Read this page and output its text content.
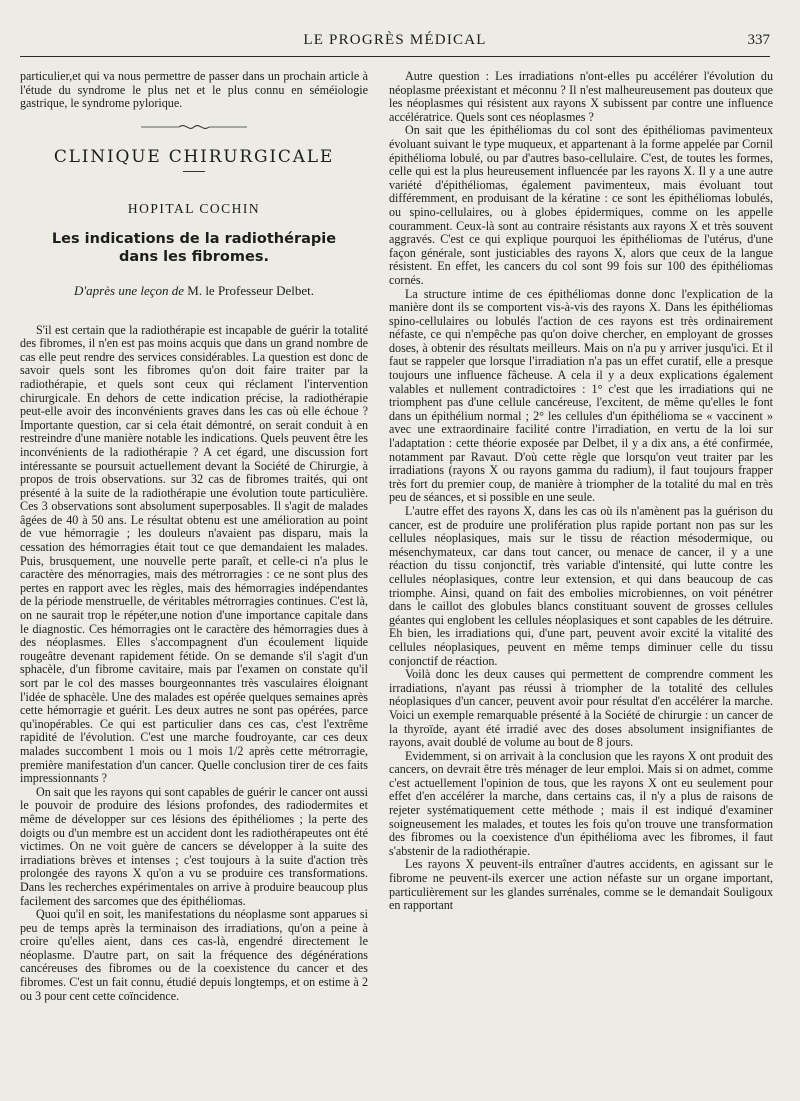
LE PROGRÈS MÉDICAL	337

particulier,et qui va nous permettre de passer dans un prochain article à l'étude du syndrome le plus net et le plus connu en séméiologie gastrique, le syndrome pylorique.

CLINIQUE CHIRURGICALE
HOPITAL COCHIN
Les indications de la radiothérapie
dans les fibromes.
D'après une leçon de M. le Professeur Delbet.

S'il est certain que la radiothérapie est incapable de guérir la totalité des fibromes, il n'en est pas moins acquis que dans un grand nombre de cas elle peut rendre des services considérables. La question est donc de savoir quels sont les fibromes qu'on doit faire traiter par la radiothérapie, et quels sont ceux qui réclament l'intervention chirurgicale. En dehors de cette indication précise, la radiothérapie peut-elle avoir des inconvénients graves dans les cas où elle échoue ? Importante question, car si cela était démontré, on serait conduit à en restreindre d'une manière notable les indications. Quels peuvent être les inconvénients de la radiothérapie ? A cet égard, une discussion fort intéressante se poursuit actuellement devant la Société de Chirurgie, à propos de trois observations. sur 32 cas de fibromes traités, qui ont présenté à la suite de la radiothérapie une évolution toute particulière. Ces 3 observations sont absolument superposables. Il s'agit de malades âgées de 40 à 50 ans. Le résultat obtenu est une amélioration au point de vue hémorragie ; les douleurs n'avaient pas disparu, mais la cessation des hémorragies était tout ce que demandaient les malades. Puis, brusquement, une nouvelle perte paraît, et celle-ci n'a plus le caractère des ménorragies, mais des métrorragies : ce ne sont plus des pertes en rapport avec les règles, mais des hémorragies indépendantes de la période menstruelle, de véritables métrorragies continues. C'est là, on ne saurait trop le répéter,une notion d'une importance capitale dans le diagnostic. Ces hémorragies ont le caractère des hémorragies dues à des néoplasmes. Elles s'accompagnent d'un écoulement liquide rougeâtre devenant rapidement fétide. On se demande s'il s'agit d'un sphacèle, d'un fibrome cavitaire, mais par l'examen on constate qu'il sort par le col des masses bourgeonnantes très vasculaires éloignant l'idée de sphacèle. Une des malades est opérée quelques semaines après cette hémorragie et guérit. Les deux autres ne sont pas opérées, parce qu'inopérables. Ce qui est particulier dans ces cas, c'est l'extrême rapidité de l'évolution. C'est une marche foudroyante, car ces deux malades succombent 1 mois ou 1 mois 1/2 après cette métrorragie, première manifestation d'un cancer. Quelle conclusion tirer de ces faits impressionnants ?

On sait que les rayons qui sont capables de guérir le cancer ont aussi le pouvoir de produire des lésions profondes, des radiodermites et même de développer sur ces lésions des épithéliomes ; la perte des doigts ou d'un membre est un accident dont les radiothérapeutes ont été victimes. On ne voit guère de cancers se développer à la suite des irradiations brèves et intenses ; c'est toujours à la suite d'action très prolongée des rayons X qu'on a vu se produire ces transformations. Dans les recherches expérimentales on arrive à produire beaucoup plus facilement des sarcomes que des épithéliomas.

Quoi qu'il en soit, les manifestations du néoplasme sont apparues si peu de temps après la terminaison des irradiations, qu'on a peine à croire qu'elles aient, dans ces cas-là, engendré directement le néoplasme. D'autre part, on sait la fréquence des dégénérations cancéreuses des fibromes ou de la coexistence du cancer et des fibromes. C'est un fait connu, étudié depuis longtemps, et on estime à 2 ou 3 pour cent cette coïncidence.

Autre question : Les irradiations n'ont-elles pu accélérer l'évolution du néoplasme préexistant et méconnu ? Il n'est malheureusement pas douteux que les néoplasmes qui résistent aux rayons X subissent par contre une influence accélératrice. Quels sont ces néoplasmes ?

On sait que les épithéliomas du col sont des épithéliomas pavimenteux évoluant suivant le type muqueux, et appartenant à la forme appelée par Cornil épithélioma lobulé, ou par d'autres baso-cellulaire. C'est, de toutes les formes, celle qui est la plus heureusement influencée par les rayons X. Il y a une autre variété d'épithéliomas, également pavimenteux, mais évoluant tout différemment, en produisant de la kératine : ce sont les épithéliomas lobulés, ou spino-cellulaires, ou à globes épidermiques, comme on les appelle couramment. Ceux-là sont au contraire résistants aux rayons X et très souvent aggravés. C'est ce qui explique pourquoi les épithéliomas de l'utérus, d'une façon générale, sont justiciables des rayons X, alors que ceux de la langue résistent. En effet, les cancers du col sont 99 fois sur 100 des épithéliomas cornés.

La structure intime de ces épithéliomas donne donc l'explication de la manière dont ils se comportent vis-à-vis des rayons X. Dans les épithéliomas spino-cellulaires ou lobulés l'action de ces rayons est très ordinairement néfaste, ce qui n'empêche pas qu'on doive chercher, en employant de grosses doses, à obtenir des résultats meilleurs. Mais on n'a pu y arriver jusqu'ici. Et il faut se rappeler que lorsque l'irradiation n'a pas un effet curatif, elle a presque toujours une influence fâcheuse. A cela il y a deux explications également valables et nullement contradictoires : 1° c'est que les irradiations qui ne triomphent pas d'une cellule cancéreuse, l'excitent, de même qu'elles le font dans un épithélium normal ; 2° les cellules d'un épithélioma se « vaccinent » avec une extraordinaire facilité contre l'irradiation, en vertu de la loi sur l'adaptation : cette théorie exposée par Delbet, il y a dix ans, a été confirmée, notamment par Ravaut. D'où cette règle que lorsqu'on veut traiter par les irradiations (rayons X ou rayons gamma du radium), il faut toujours frapper très fort du premier coup, de manière à triompher de la totalité du mal en très peu de séances, et si possible en une seule.

L'autre effet des rayons X, dans les cas où ils n'amènent pas la guérison du cancer, est de produire une prolifération plus rapide portant non pas sur les cellules néoplasiques, mais sur le tissu de réaction mésodermique, ou mésenchymateux, car dans tout cancer, ou menace de cancer, il y a une réaction du tissu conjonctif, très variable d'intensité, qui lutte contre les cellules néoplasiques, contre leur extension, et qui dans beaucoup de cas triomphe. Ainsi, quand on fait des embolies microbiennes, on voit pénétrer dans le caillot des globules blancs constituant souvent de grosses cellules géantes qui englobent les cellules néoplasiques et sont capables de les détruire. Eh bien, les irradiations qui, d'une part, peuvent avoir excité la vitalité des cellules néoplasiques, peuvent en même temps diminuer celle du tissu conjonctif de réaction.

Voilà donc les deux causes qui permettent de comprendre comment les irradiations, n'ayant pas réussi à triompher de la totalité des cellules néoplasiques d'un cancer, peuvent avoir pour résultat d'en accélérer la marche. Voici un exemple remarquable présenté à la Société de chirurgie : un cancer de la thyroïde, ayant été irradié avec des doses absolument insignifiantes de rayons, avait doublé de volume au bout de 8 jours.

Evidemment, si on arrivait à la conclusion que les rayons X ont produit des cancers, on devrait être très ménager de leur emploi. Mais si on admet, comme c'est actuellement l'opinion de tous, que les rayons X ont eu seulement pour effet d'en accélérer la marche, dans certains cas, il n'y a plus de raisons de rejeter systématiquement cette méthode ; mais il est indiqué d'examiner soigneusement les malades, et toutes les fois qu'on trouve une transformation des fibromes ou la coexistence d'un épithélioma avec les fibromes, il faut s'abstenir de la radiothérapie.

Les rayons X peuvent-ils entraîner d'autres accidents, en agissant sur le fibrome ne peuvent-ils exercer une action néfaste sur un organe important, particulièrement sur les glandes surrénales, comme se le demandait Souligoux en rapportant
